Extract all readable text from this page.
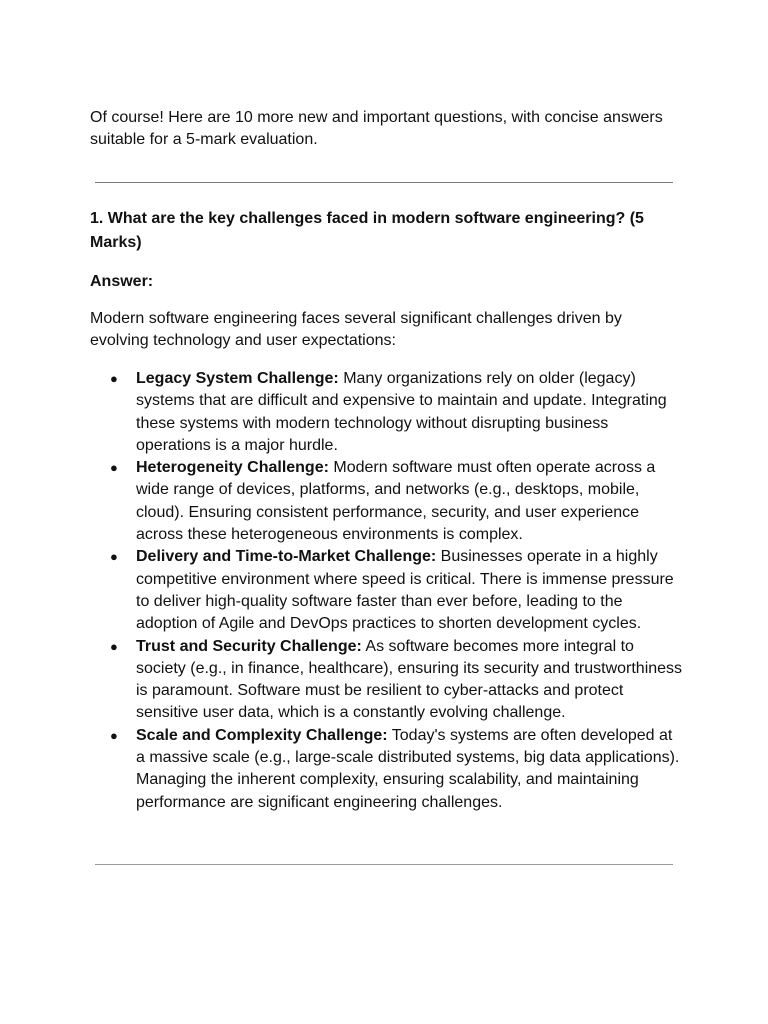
Of course! Here are 10 more new and important questions, with concise answers suitable for a 5-mark evaluation.

1. What are the key challenges faced in modern software engineering? (5 Marks)

Answer:

Modern software engineering faces several significant challenges driven by evolving technology and user expectations:

● Legacy System Challenge: Many organizations rely on older (legacy) systems that are difficult and expensive to maintain and update. Integrating these systems with modern technology without disrupting business operations is a major hurdle.
● Heterogeneity Challenge: Modern software must often operate across a wide range of devices, platforms, and networks (e.g., desktops, mobile, cloud). Ensuring consistent performance, security, and user experience across these heterogeneous environments is complex.
● Delivery and Time-to-Market Challenge: Businesses operate in a highly competitive environment where speed is critical. There is immense pressure to deliver high-quality software faster than ever before, leading to the adoption of Agile and DevOps practices to shorten development cycles.
● Trust and Security Challenge: As software becomes more integral to society (e.g., in finance, healthcare), ensuring its security and trustworthiness is paramount. Software must be resilient to cyber-attacks and protect sensitive user data, which is a constantly evolving challenge.
● Scale and Complexity Challenge: Today's systems are often developed at a massive scale (e.g., large-scale distributed systems, big data applications). Managing the inherent complexity, ensuring scalability, and maintaining performance are significant engineering challenges.
